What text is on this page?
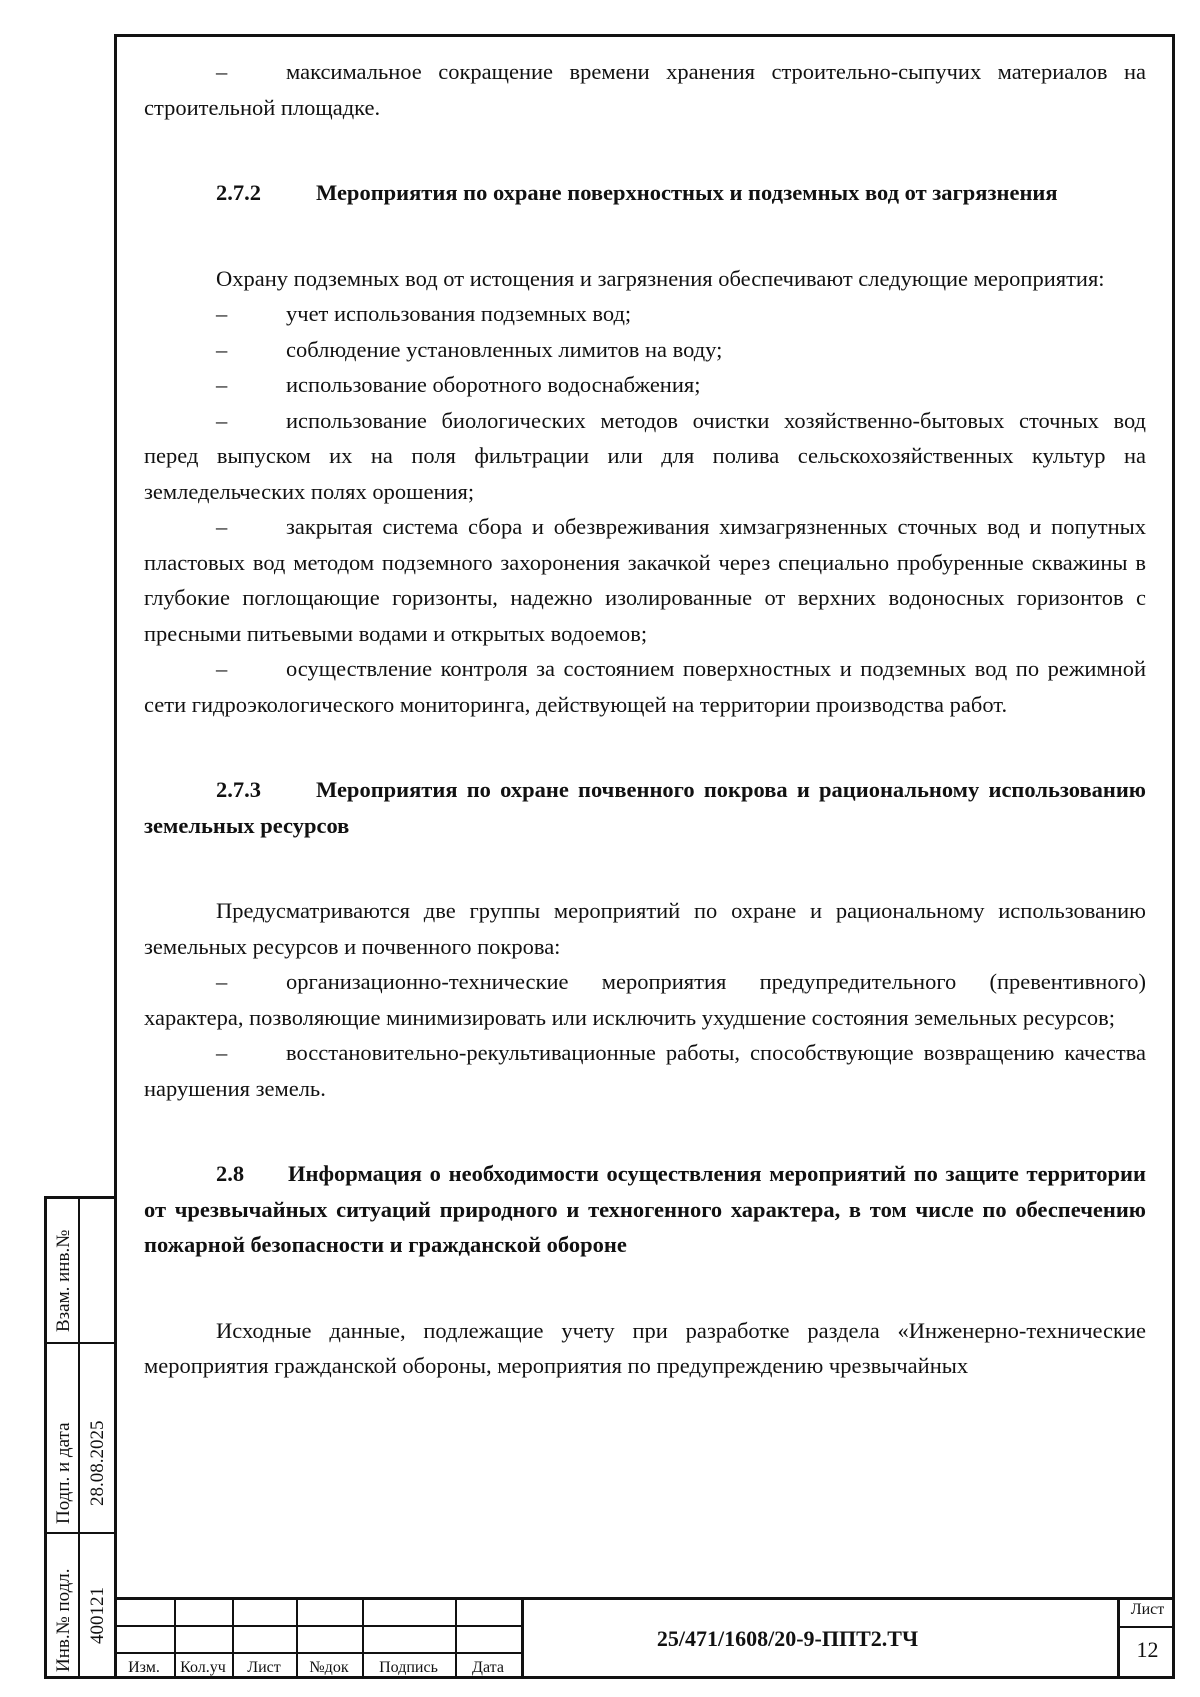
–	максимальное сокращение времени хранения строительно-сыпучих материалов на строительной площадке.

2.7.2 Мероприятия по охране поверхностных и подземных вод от загрязнения

Охрану подземных вод от истощения и загрязнения обеспечивают следующие мероприятия:

–	учет использования подземных вод;

–	соблюдение установленных лимитов на воду;

–	использование оборотного водоснабжения;

–	использование биологических методов очистки хозяйственно-бытовых сточных вод перед выпуском их на поля фильтрации или для полива сельскохозяйственных культур на земледельческих полях орошения;

–	закрытая система сбора и обезвреживания химзагрязненных сточных вод и попутных пластовых вод методом подземного захоронения закачкой через специально пробуренные скважины в глубокие поглощающие горизонты, надежно изолированные от верхних водоносных горизонтов с пресными питьевыми водами и открытых водоемов;

–	осуществление контроля за состоянием поверхностных и подземных вод по режимной сети гидроэкологического мониторинга, действующей на территории производства работ.

2.7.3 Мероприятия по охране почвенного покрова и рациональному использованию земельных ресурсов

Предусматриваются две группы мероприятий по охране и рациональному использованию земельных ресурсов и почвенного покрова:

–	организационно-технические мероприятия предупредительного (превентивного) характера, позволяющие минимизировать или исключить ухудшение состояния земельных ресурсов;

–	восстановительно-рекультивационные работы, способствующие возвращению качества нарушения земель.

2.8 Информация о необходимости осуществления мероприятий по защите территории от чрезвычайных ситуаций природного и техногенного характера, в том числе по обеспечению пожарной безопасности и гражданской обороне

Исходные данные, подлежащие учету при разработке раздела «Инженерно-технические мероприятия гражданской обороны, мероприятия по предупреждению чрезвычайных

Взам. инв.№
Подп. и дата 28.08.2025
Инв.№ подл. 400121
Изм.	Кол.уч	Лист	№док	Подпись	Дата
25/471/1608/20-9-ППТ2.ТЧ
Лист
12
